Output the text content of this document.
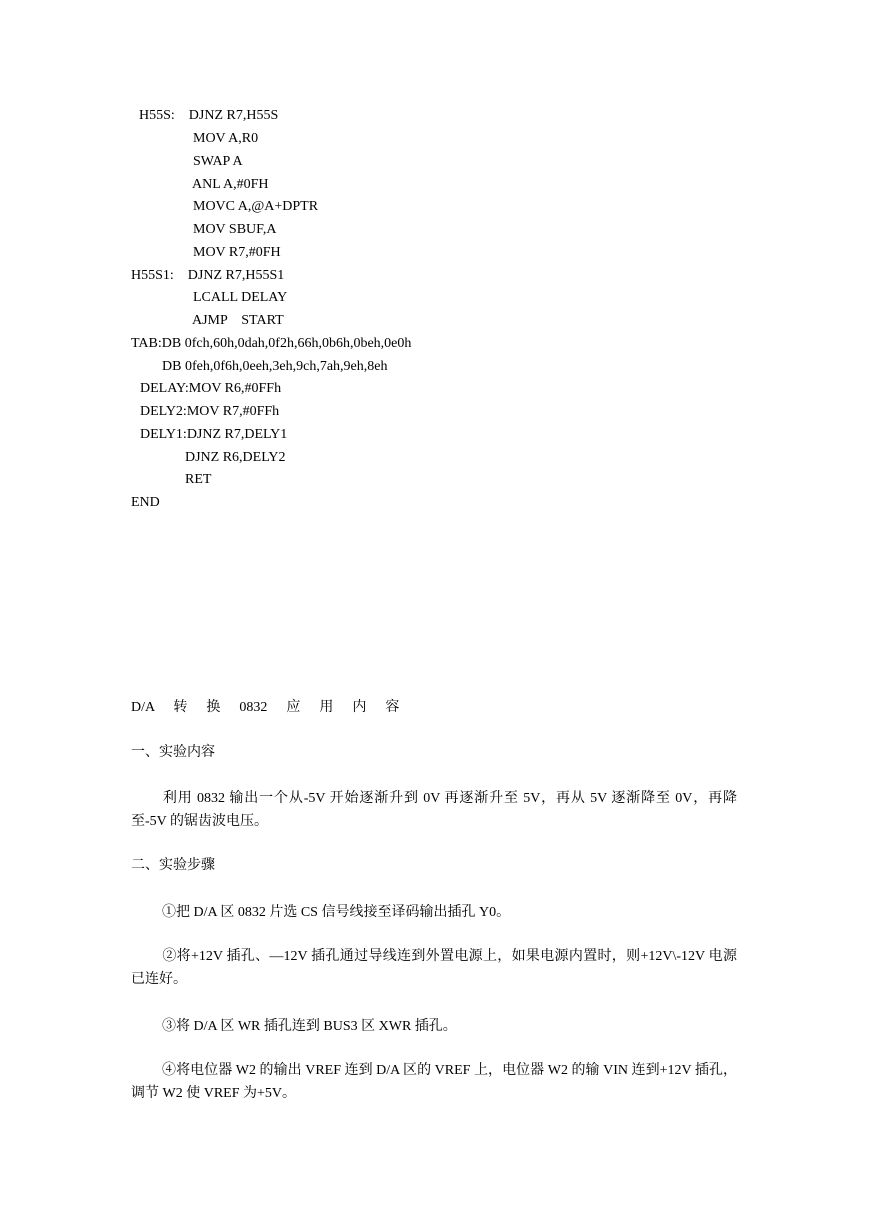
H55S:    DJNZ R7,H55S
MOV A,R0
SWAP A
ANL A,#0FH
MOVC A,@A+DPTR
MOV SBUF,A
MOV R7,#0FH
H55S1:    DJNZ R7,H55S1
LCALL DELAY
AJMP    START
TAB:DB 0fch,60h,0dah,0f2h,66h,0b6h,0beh,0e0h
DB 0feh,0f6h,0eeh,3eh,9ch,7ah,9eh,8eh
DELAY:MOV R6,#0FFh
DELY2:MOV R7,#0FFh
DELY1:DJNZ R7,DELY1
DJNZ R6,DELY2
RET
END
D/A  转  换  0832  应  用  内  容
一、实验内容
利用 0832 输出一个从-5V 开始逐渐升到 0V 再逐渐升至 5V，再从 5V 逐渐降至 0V，再降至-5V 的锯齿波电压。
二、实验步骤
①把 D/A 区 0832 片选 CS 信号线接至译码输出插孔 Y0。
②将+12V 插孔、—12V 插孔通过导线连到外置电源上，如果电源内置时，则+12V\-12V 电源已连好。
③将 D/A 区 WR 插孔连到 BUS3 区 XWR 插孔。
④将电位器 W2 的输出 VREF 连到 D/A 区的 VREF 上，电位器 W2 的输 VIN 连到+12V 插孔，调节 W2 使 VREF 为+5V。
